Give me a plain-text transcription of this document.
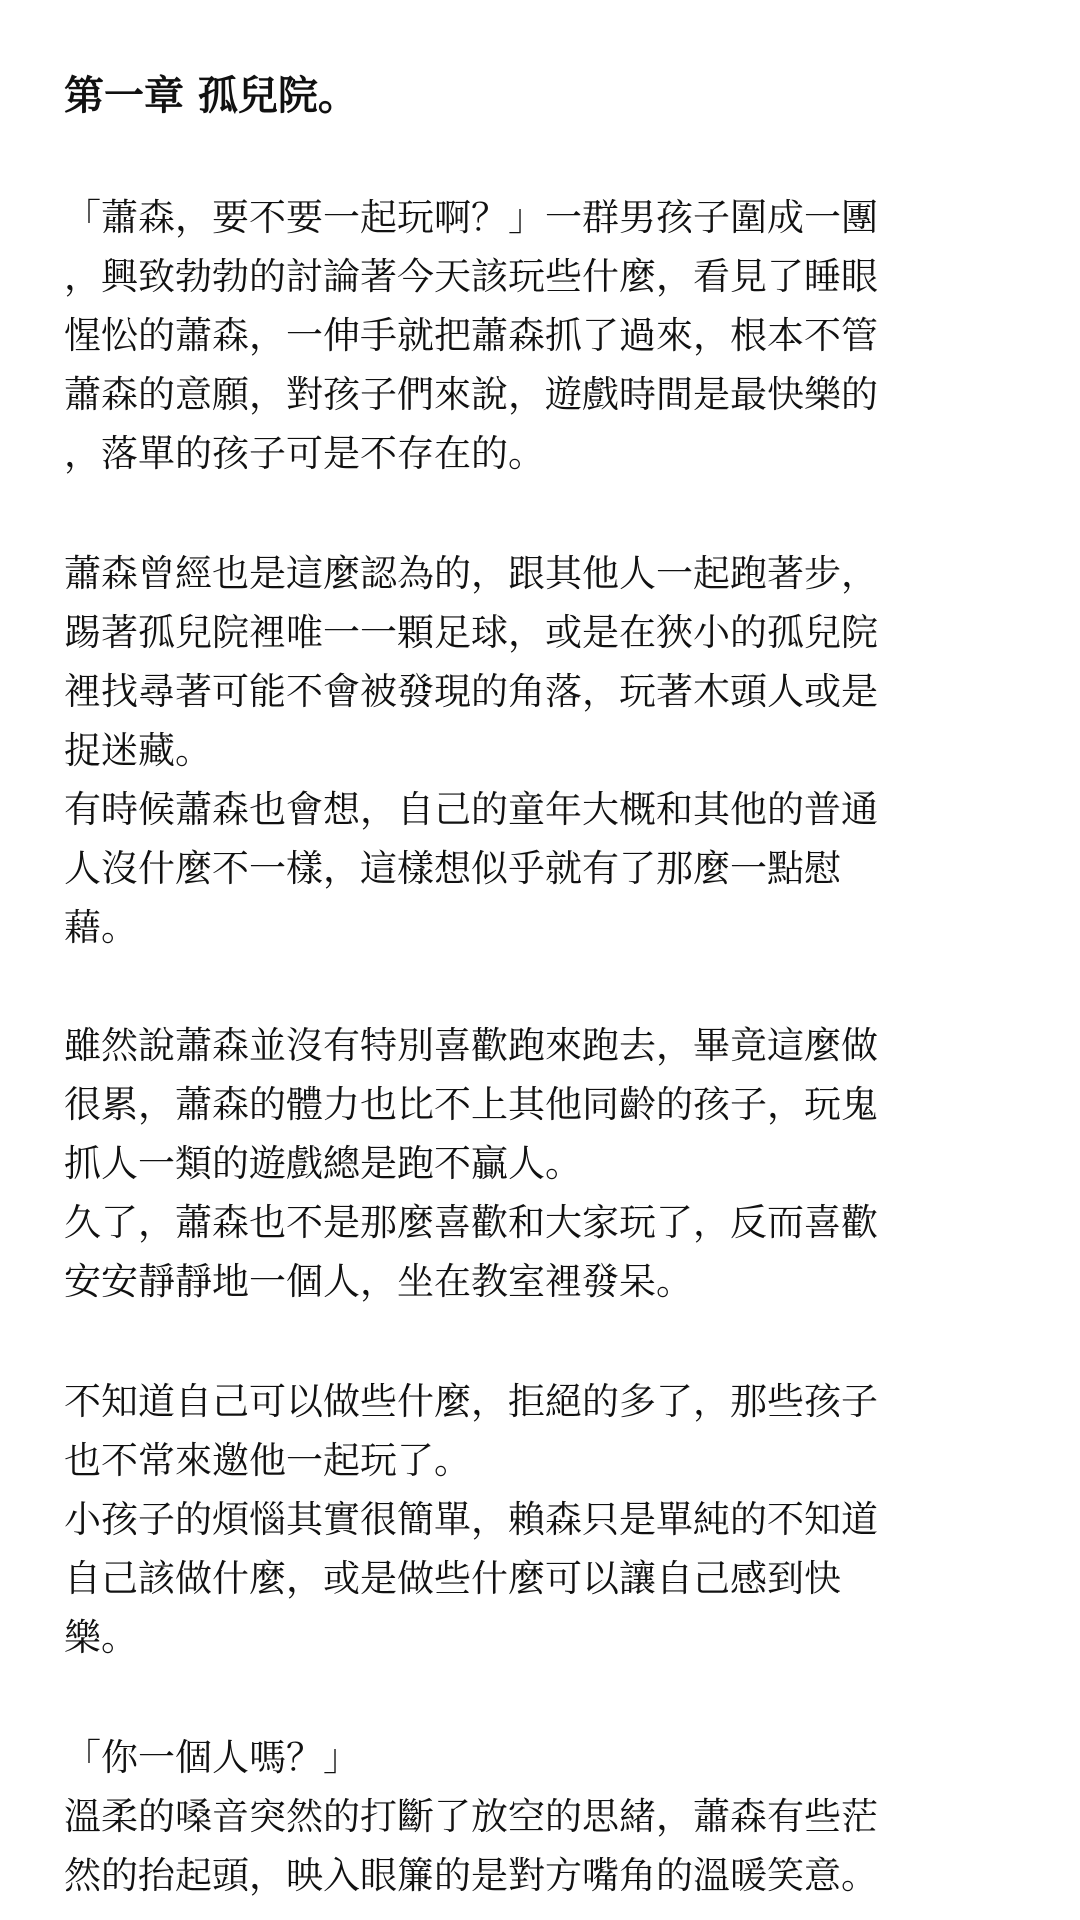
第一章 孤兒院。
「蕭森，要不要一起玩啊？」一群男孩子圍成一團
，興致勃勃的討論著今天該玩些什麼，看見了睡眼
惺忪的蕭森，一伸手就把蕭森抓了過來，根本不管
蕭森的意願，對孩子們來說，遊戲時間是最快樂的
，落單的孩子可是不存在的。
蕭森曾經也是這麼認為的，跟其他人一起跑著步，
踢著孤兒院裡唯一一顆足球，或是在狹小的孤兒院
裡找尋著可能不會被發現的角落，玩著木頭人或是
捉迷藏。
有時候蕭森也會想，自己的童年大概和其他的普通
人沒什麼不一樣，這樣想似乎就有了那麼一點慰
藉。
雖然說蕭森並沒有特別喜歡跑來跑去，畢竟這麼做
很累，蕭森的體力也比不上其他同齡的孩子，玩鬼
抓人一類的遊戲總是跑不贏人。
久了，蕭森也不是那麼喜歡和大家玩了，反而喜歡
安安靜靜地一個人，坐在教室裡發呆。
不知道自己可以做些什麼，拒絕的多了，那些孩子
也不常來邀他一起玩了。
小孩子的煩惱其實很簡單，賴森只是單純的不知道
自己該做什麼，或是做些什麼可以讓自己感到快
樂。
「你一個人嗎？」
溫柔的嗓音突然的打斷了放空的思緒，蕭森有些茫
然的抬起頭，映入眼簾的是對方嘴角的溫暖笑意。
